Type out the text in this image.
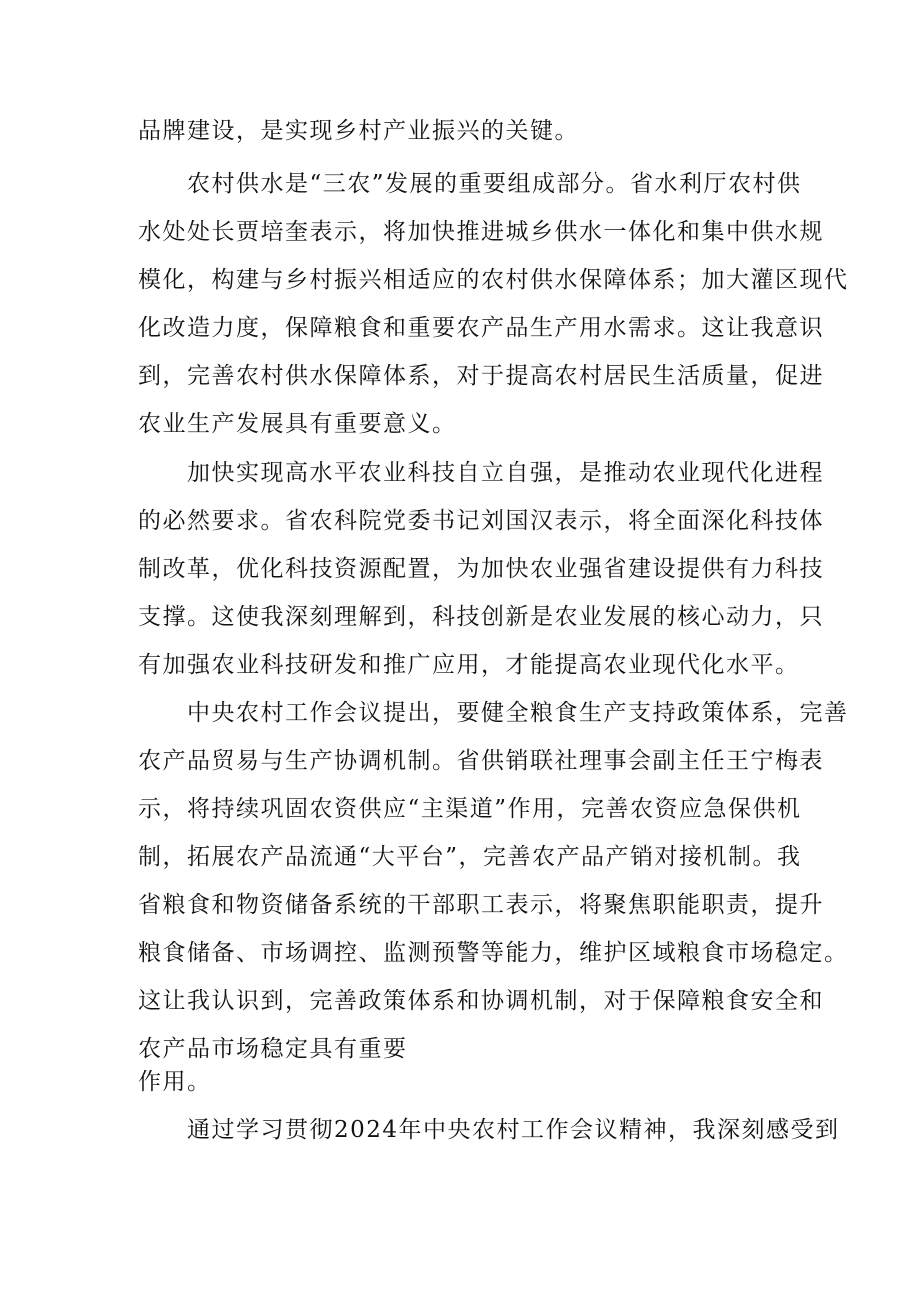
品牌建设，是实现乡村产业振兴的关键。
农村供水是“三农”发展的重要组成部分。省水利厅农村供
水处处长贾培奎表示，将加快推进城乡供水一体化和集中供水规
模化，构建与乡村振兴相适应的农村供水保障体系；加大灌区现代
化改造力度，保障粮食和重要农产品生产用水需求。这让我意识
到，完善农村供水保障体系，对于提高农村居民生活质量，促进
农业生产发展具有重要意义。
加快实现高水平农业科技自立自强，是推动农业现代化进程
的必然要求。省农科院党委书记刘国汉表示，将全面深化科技体
制改革，优化科技资源配置，为加快农业强省建设提供有力科技
支撑。这使我深刻理解到，科技创新是农业发展的核心动力，只
有加强农业科技研发和推广应用，才能提高农业现代化水平。
中央农村工作会议提出，要健全粮食生产支持政策体系，完善
农产品贸易与生产协调机制。省供销联社理事会副主任王宁梅表
示，将持续巩固农资供应“主渠道”作用，完善农资应急保供机
制，拓展农产品流通“大平台”，完善农产品产销对接机制。我
省粮食和物资储备系统的干部职工表示，将聚焦职能职责，提升
粮食储备、市场调控、监测预警等能力，维护区域粮食市场稳定。
这让我认识到，完善政策体系和协调机制，对于保障粮食安全和
农产品市场稳定具有重要
作用。
通过学习贯彻2024年中央农村工作会议精神，我深刻感受到
